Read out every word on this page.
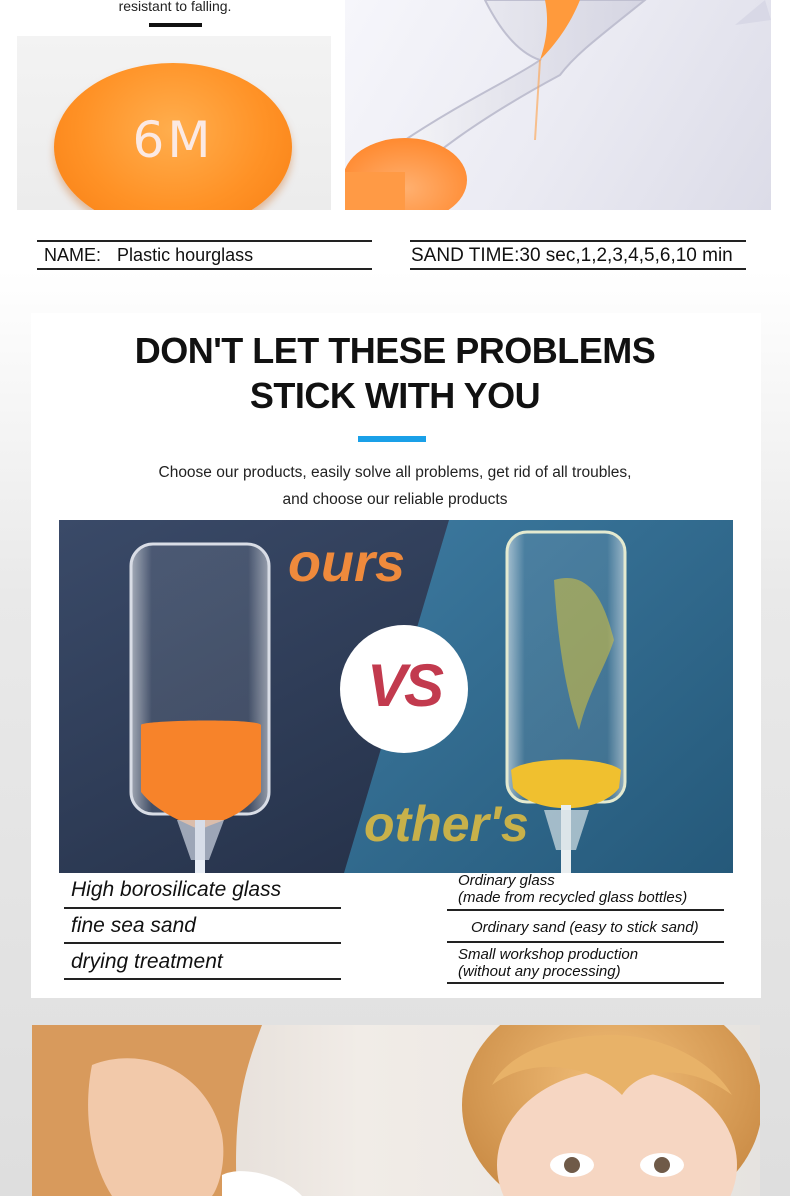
resistant to falling.
6M
NAME: Plastic hourglass	SAND TIME:30 sec,1,2,3,4,5,6,10 min

DON'T LET THESE PROBLEMS
STICK WITH YOU
Choose our products, easily solve all problems, get rid of all troubles,
and choose our reliable products
ours
other's
VS
High borosilicate glass
fine sea sand
drying treatment
Ordinary glass
(made from recycled glass bottles)
Ordinary sand (easy to stick sand)
Small workshop production
(without any processing)
